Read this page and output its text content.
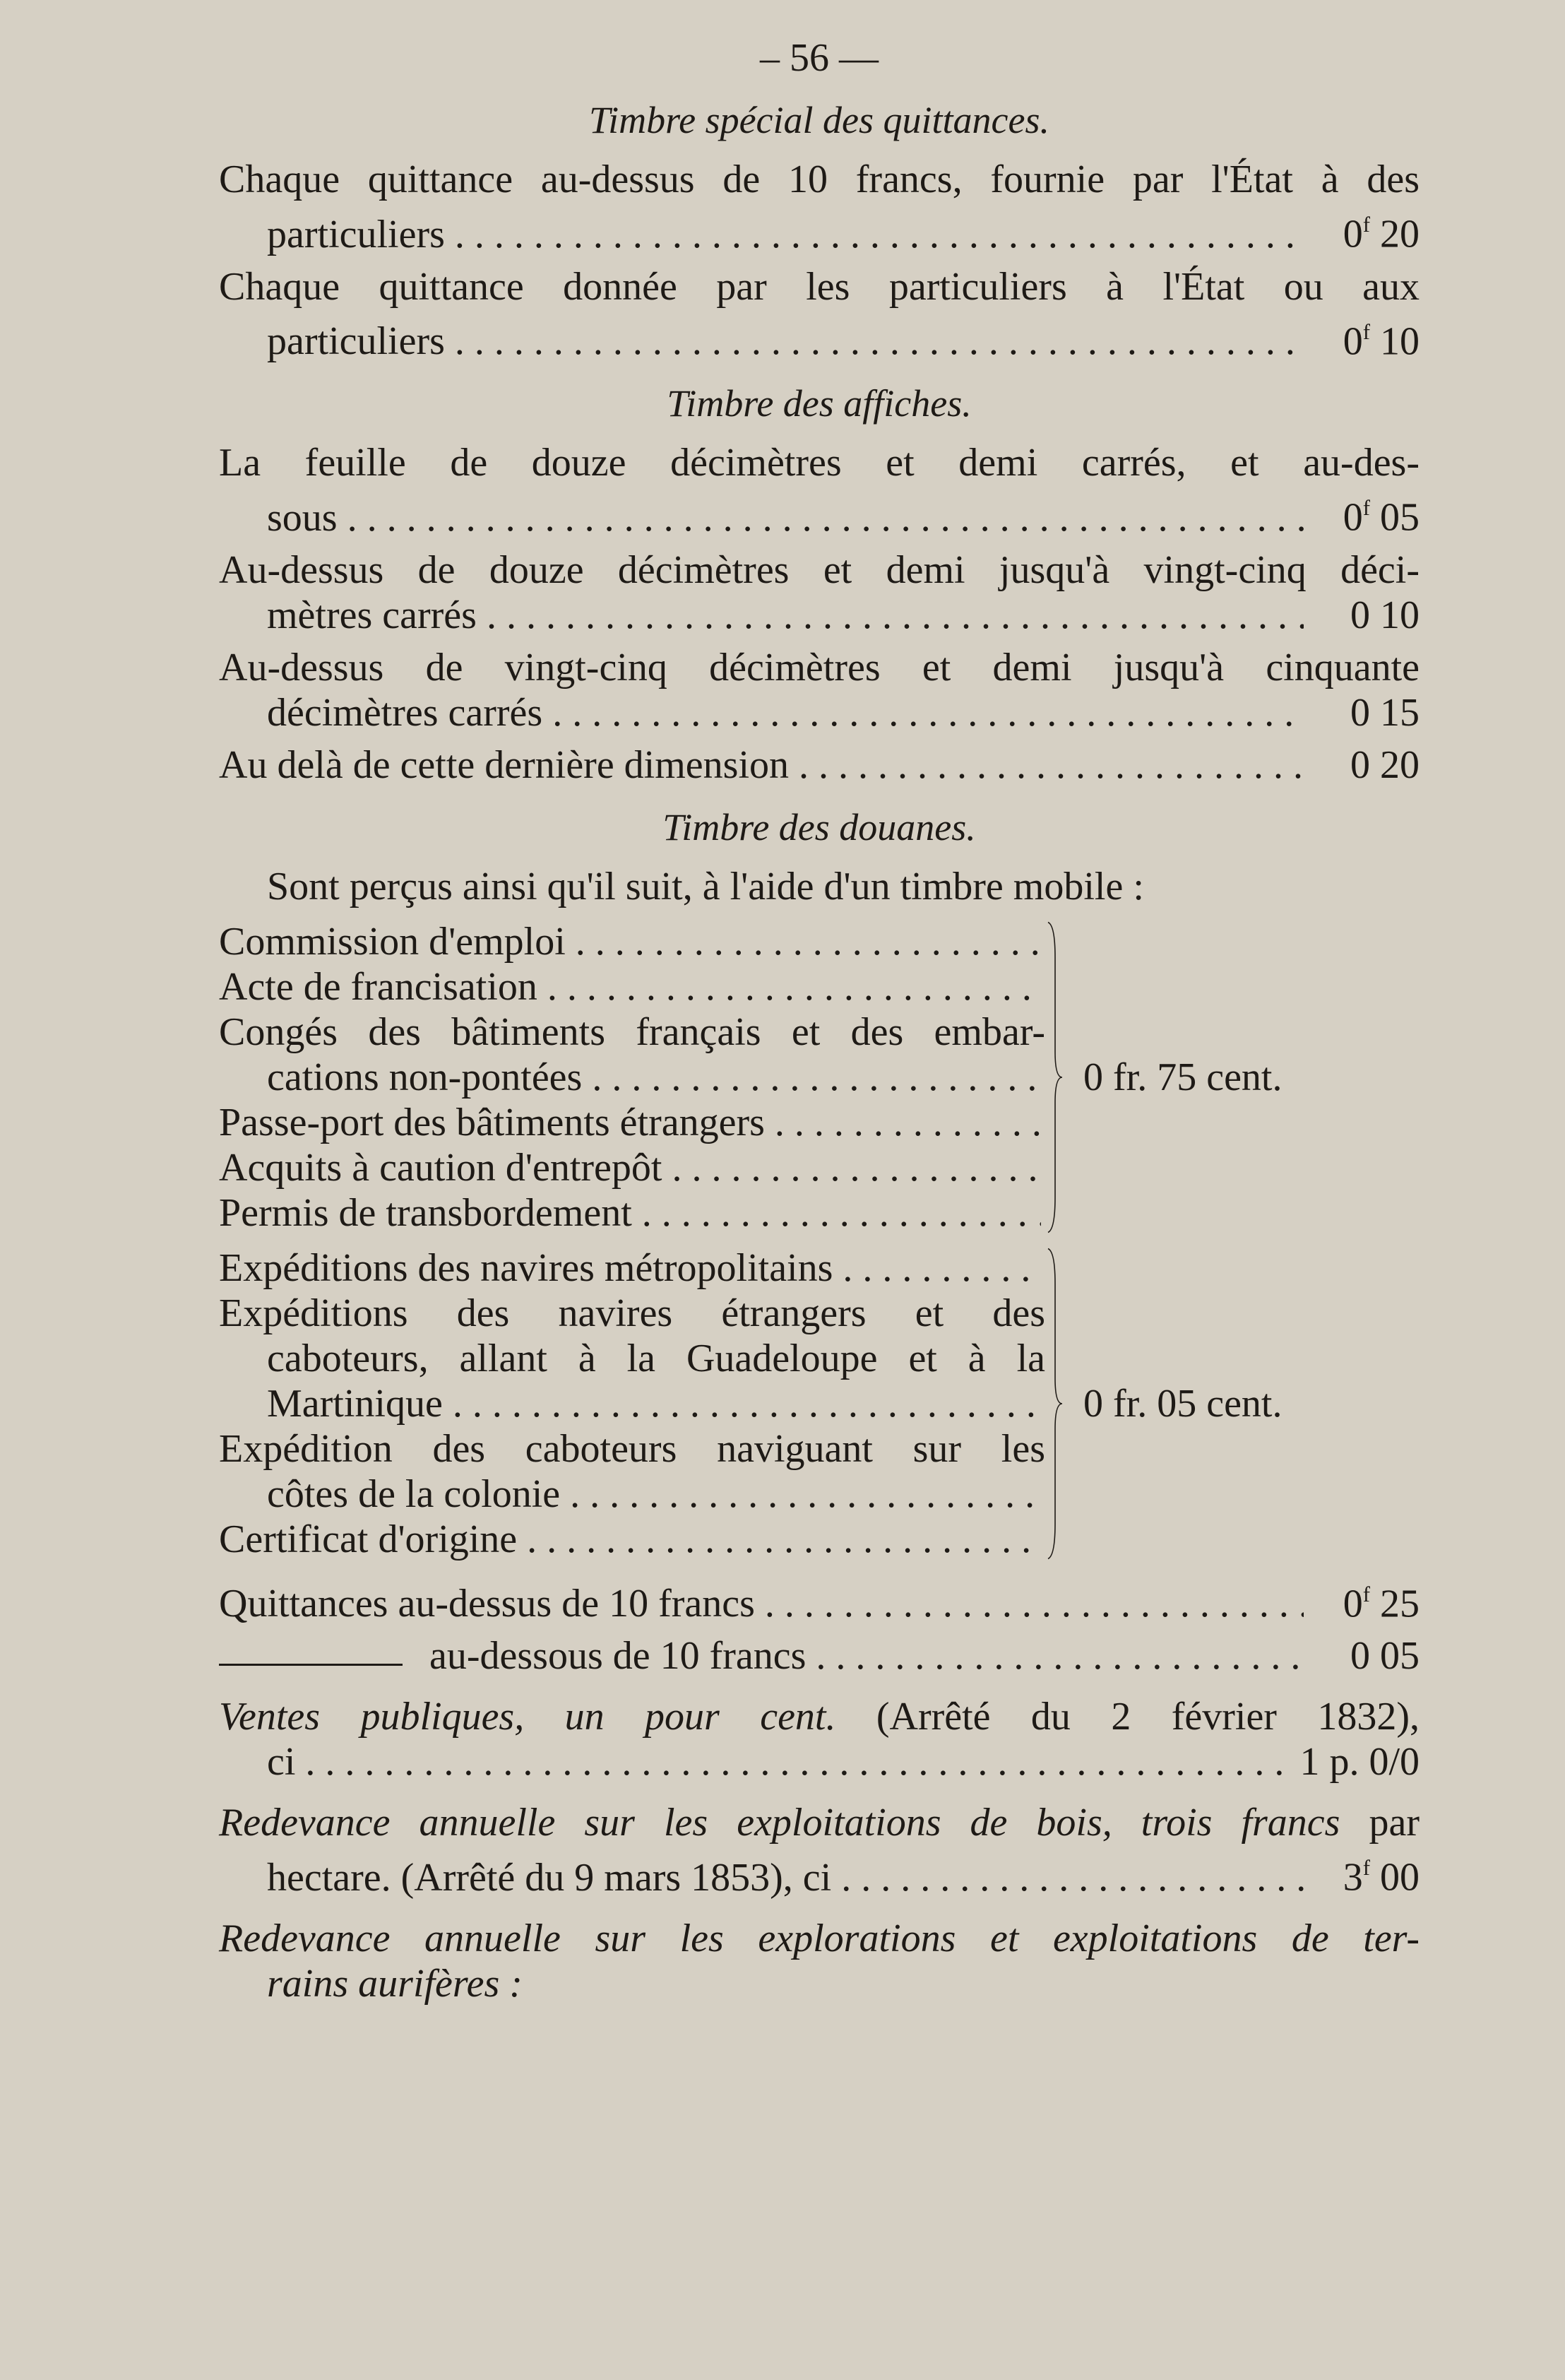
– 56 —
Timbre spécial des quittances.
Chaque quittance au-dessus de 10 francs, fournie par l'État à des
particuliers . . .	0$^f$ 20
Chaque quittance donnée par les particuliers à l'État ou aux
particuliers . . .	0$^f$ 10
Timbre des affiches.
La feuille de douze décimètres et demi carrés, et au-des-
sous . . .	0$^f$ 05
Au-dessus de douze décimètres et demi jusqu'à vingt-cinq déci-
mètres carrés . . .	0 10
Au-dessus de vingt-cinq décimètres et demi jusqu'à cinquante
décimètres carrés . . .	0 15
Au delà de cette dernière dimension . . .	0 20
Timbre des douanes.
Sont perçus ainsi qu'il suit, à l'aide d'un timbre mobile :
Commission d'emploi
. . .
Acte de francisation
. . .
Congés des bâtiments français et des embar-
cations non-pontées
. . .
Passe-port des bâtiments étrangers
. . .
Acquits à caution d'entrepôt
. . .
Permis de transbordement
. . .
0 fr. 75 cent.
Expéditions des navires métropolitains
. . .
Expéditions des navires étrangers et des
caboteurs, allant à la Guadeloupe et à la
Martinique
. . .
Expédition des caboteurs naviguant sur les
côtes de la colonie
. . .
Certificat d'origine
. . .
0 fr. 05 cent.
Quittances au-dessus de 10 francs . . .	0$^f$ 25
au-dessous de 10 francs . . .	0 05
Ventes publiques, un pour cent. (Arrêté du 2 février 1832),
ci . . .	1 p. 0/0
Redevance annuelle sur les exploitations de bois, trois francs par
hectare. (Arrêté du 9 mars 1853), ci . . .	3$^f$ 00
Redevance annuelle sur les explorations et exploitations de ter-
rains aurifères :
